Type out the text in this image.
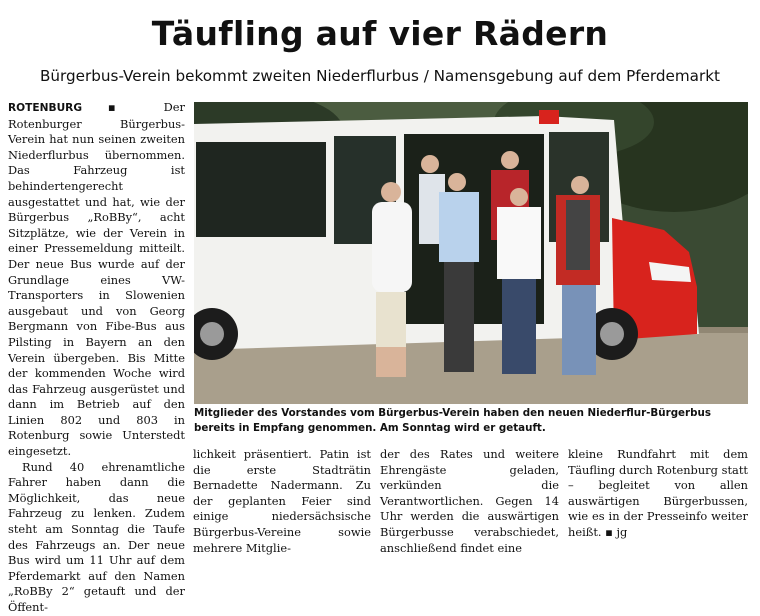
Täufling auf vier Rädern
Bürgerbus-Verein bekommt zweiten Niederflurbus / Namensgebung auf dem Pferdemarkt
ROTENBURG ▪ Der Rotenburger Bürgerbus-Verein hat nun seinen zweiten Niederflurbus übernommen. Das Fahrzeug ist behindertengerecht ausgestattet und hat, wie der Bürgerbus „RoBBy“, acht Sitzplätze, wie der Verein in einer Pressemeldung mitteilt. Der neue Bus wurde auf der Grundlage eines VW-Transporters in Slowenien ausgebaut und von Georg Bergmann von Fibe-Bus aus Pilsting in Bayern an den Verein übergeben. Bis Mitte der kommenden Woche wird das Fahrzeug ausgerüstet und dann im Betrieb auf den Linien 802 und 803 in Rotenburg sowie Unterstedt eingesetzt.
Rund 40 ehrenamtliche Fahrer haben dann die Möglichkeit, das neue Fahrzeug zu lenken. Zudem steht am Sonntag die Taufe des Fahrzeugs an. Der neue Bus wird um 11 Uhr auf dem Pferdemarkt auf den Namen „RoBBy 2“ getauft und der Öffent-
Mitglieder des Vorstandes vom Bürgerbus-Verein haben den neuen Niederflur-Bürgerbus bereits in Empfang genommen. Am Sonntag wird er getauft.
lichkeit präsentiert. Patin ist die erste Stadträtin Bernadette Nadermann. Zu der geplanten Feier sind einige niedersächsische Bürgerbus-Vereine sowie mehrere Mitglie-
der des Rates und weitere Ehrengäste geladen, verkünden die Verantwortlichen. Gegen 14 Uhr werden die auswärtigen Bürgerbusse verabschiedet, anschließend findet eine
kleine Rundfahrt mit dem Täufling durch Rotenburg statt – begleitet von allen auswärtigen Bürgerbussen, wie es in der Presseinfo weiter heißt. ▪ jg
